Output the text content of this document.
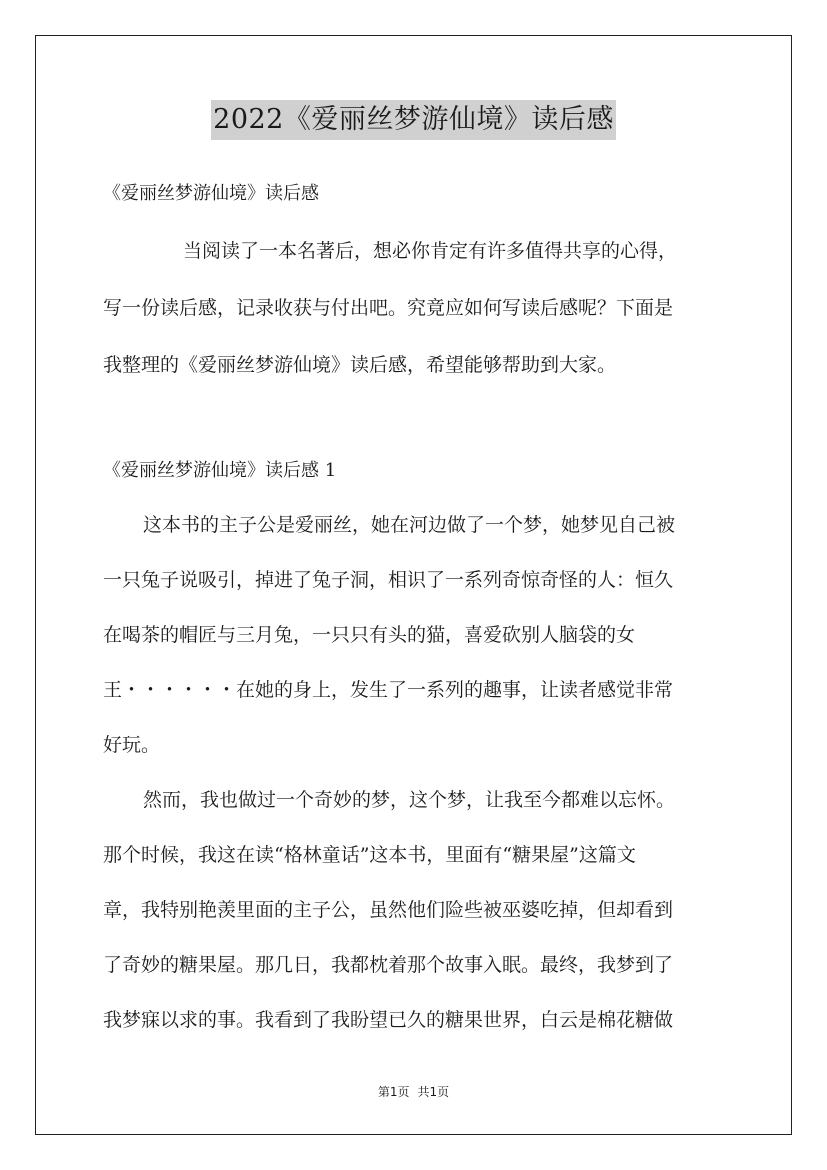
2022《爱丽丝梦游仙境》读后感
《爱丽丝梦游仙境》读后感
当阅读了一本名著后，想必你肯定有许多值得共享的心得，
写一份读后感，记录收获与付出吧。究竟应如何写读后感呢？下面是
我整理的《爱丽丝梦游仙境》读后感，希望能够帮助到大家。
《爱丽丝梦游仙境》读后感 1
这本书的主子公是爱丽丝，她在河边做了一个梦，她梦见自己被
一只兔子说吸引，掉进了兔子洞，相识了一系列奇惊奇怪的人：恒久
在喝茶的帽匠与三月兔，一只只有头的猫，喜爱砍别人脑袋的女
王・・・・・・在她的身上，发生了一系列的趣事，让读者感觉非常
好玩。
然而，我也做过一个奇妙的梦，这个梦，让我至今都难以忘怀。
那个时候，我这在读“格林童话”这本书，里面有“糖果屋”这篇文
章，我特别艳羡里面的主子公，虽然他们险些被巫婆吃掉，但却看到
了奇妙的糖果屋。那几日，我都枕着那个故事入眠。最终，我梦到了
我梦寐以求的事。我看到了我盼望已久的糖果世界，白云是棉花糖做
第1页 共1页
